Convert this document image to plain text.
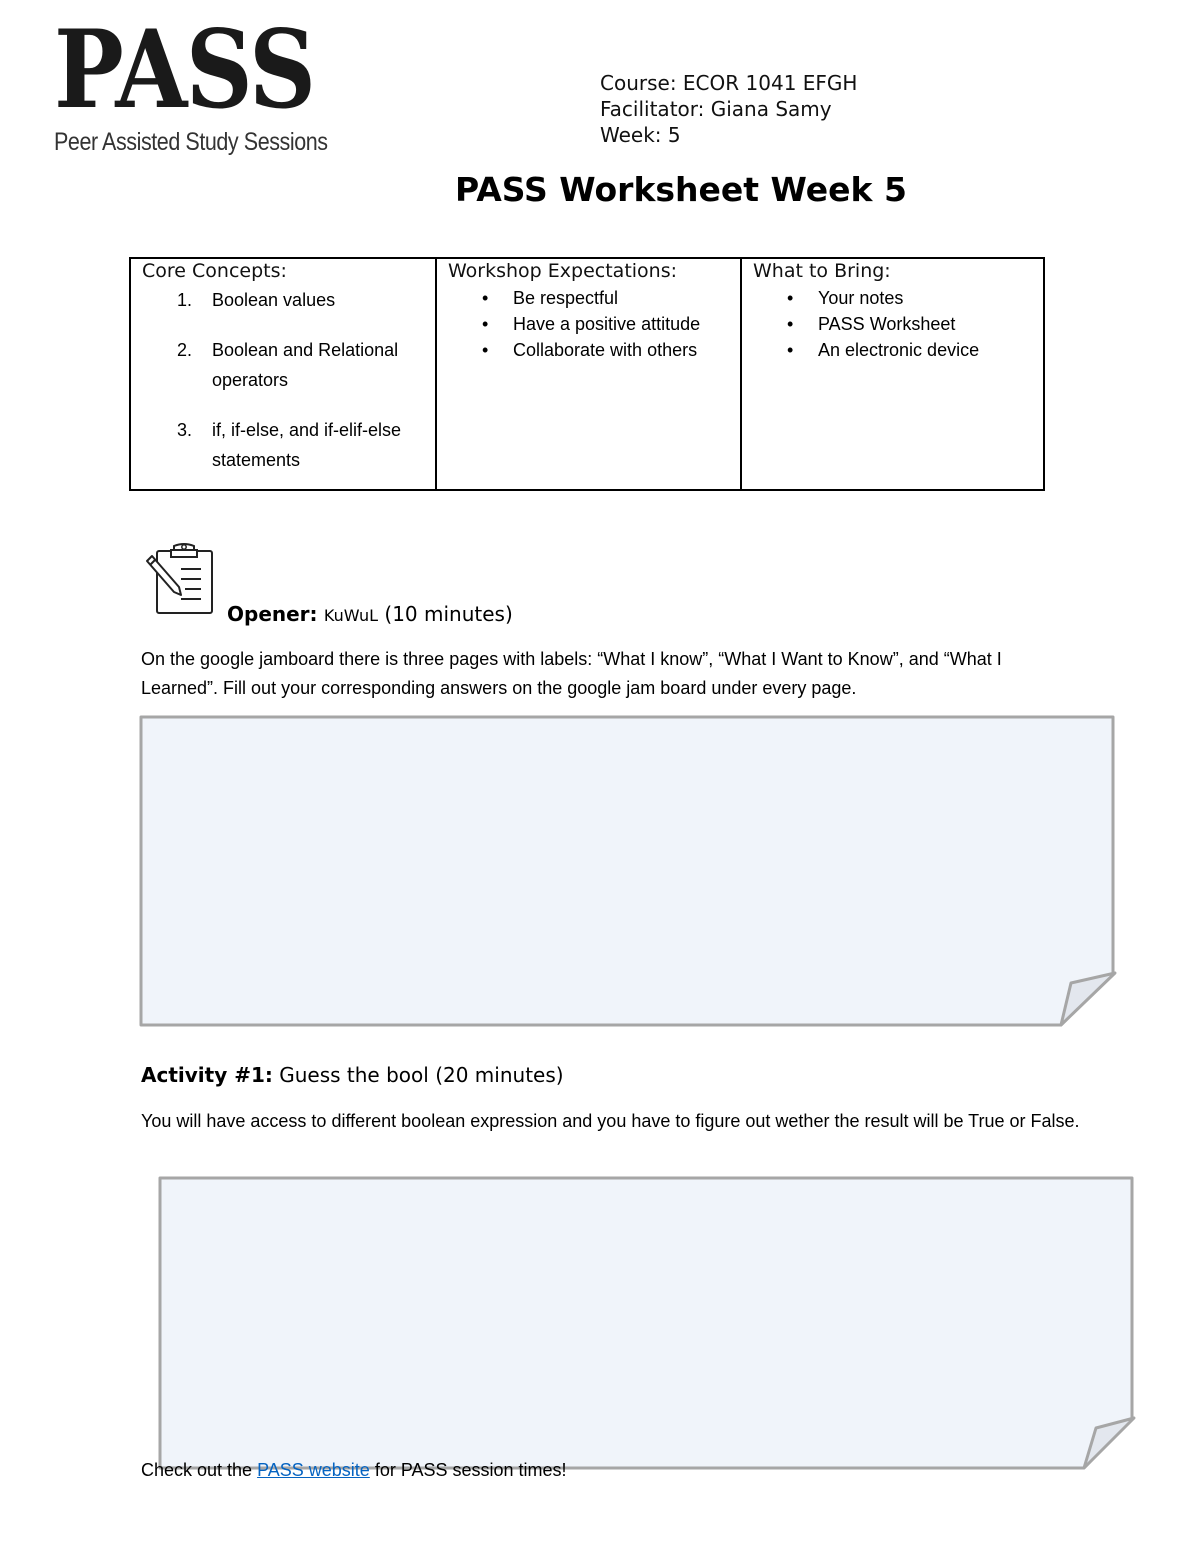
PASS
Peer Assisted Study Sessions
Course: ECOR 1041 EFGH
Facilitator: Giana Samy
Week: 5
PASS Worksheet Week 5
Core Concepts:
1. Boolean values
2. Boolean and Relational operators
3. if, if-else, and if-elif-else statements
Workshop Expectations:
• Be respectful
• Have a positive attitude
• Collaborate with others
What to Bring:
• Your notes
• PASS Worksheet
• An electronic device
Opener: KuWuL (10 minutes)
On the google jamboard there is three pages with labels: “What I know”, “What I Want to Know”, and “What I Learned”. Fill out your corresponding answers on the google jam board under every page.
Activity #1: Guess the bool (20 minutes)
You will have access to different boolean expression and you have to figure out wether the result will be True or False.
Check out the PASS website for PASS session times!
